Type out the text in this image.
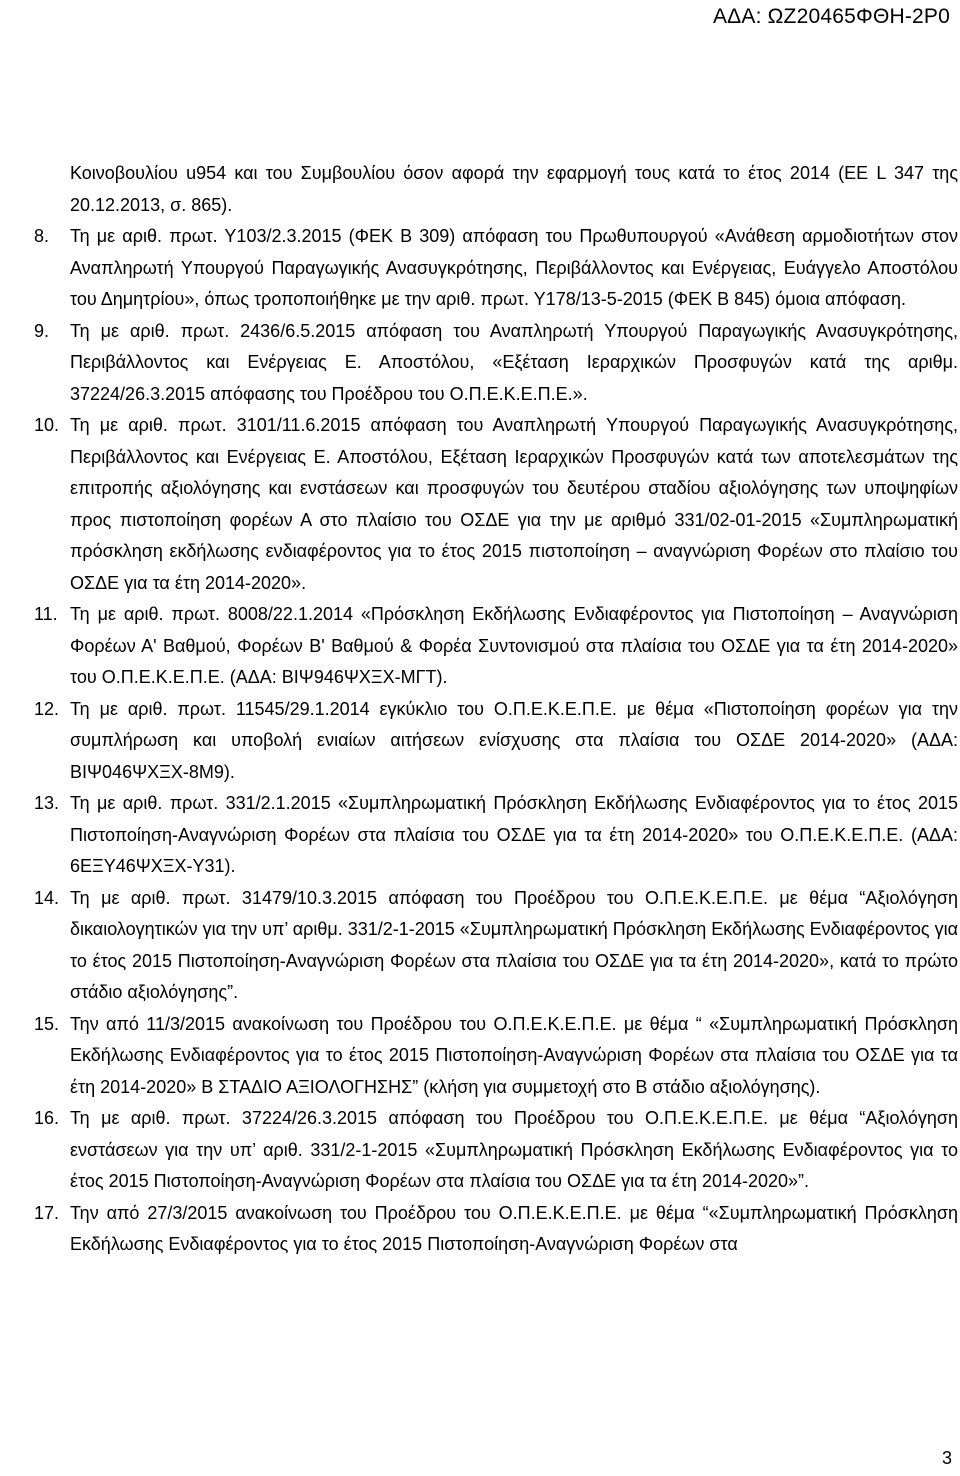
ΑΔΑ: ΩΖ20465ΦΘΗ-2Ρ0
Κοινοβουλίου u954 και του Συμβουλίου όσον αφορά την εφαρμογή τους κατά το έτος 2014 (ΕΕ L 347 της 20.12.2013, σ. 865).
8. Τη με αριθ. πρωτ. Υ103/2.3.2015 (ΦΕΚ Β 309) απόφαση του Πρωθυπουργού «Ανάθεση αρμοδιοτήτων στον Αναπληρωτή Υπουργού Παραγωγικής Ανασυγκρότησης, Περιβάλλοντος και Ενέργειας, Ευάγγελο Αποστόλου του Δημητρίου», όπως τροποποιήθηκε με την αριθ. πρωτ. Υ178/13-5-2015 (ΦΕΚ Β 845) όμοια απόφαση.
9. Τη με αριθ. πρωτ. 2436/6.5.2015 απόφαση του Αναπληρωτή Υπουργού Παραγωγικής Ανασυγκρότησης, Περιβάλλοντος και Ενέργειας Ε. Αποστόλου, «Εξέταση Ιεραρχικών Προσφυγών κατά της αριθμ. 37224/26.3.2015 απόφασης του Προέδρου του Ο.Π.Ε.Κ.Ε.Π.Ε.».
10. Τη με αριθ. πρωτ. 3101/11.6.2015 απόφαση του Αναπληρωτή Υπουργού Παραγωγικής Ανασυγκρότησης, Περιβάλλοντος και Ενέργειας Ε. Αποστόλου, Εξέταση Ιεραρχικών Προσφυγών κατά των αποτελεσμάτων της επιτροπής αξιολόγησης και ενστάσεων και προσφυγών του δευτέρου σταδίου αξιολόγησης των υποψηφίων προς πιστοποίηση φορέων Α στο πλαίσιο του ΟΣΔΕ για την με αριθμό 331/02-01-2015 «Συμπληρωματική πρόσκληση εκδήλωσης ενδιαφέροντος για το έτος 2015 πιστοποίηση – αναγνώριση Φορέων στο πλαίσιο του ΟΣΔΕ για τα έτη 2014-2020».
11. Τη με αριθ. πρωτ. 8008/22.1.2014 «Πρόσκληση Εκδήλωσης Ενδιαφέροντος για Πιστοποίηση – Αναγνώριση Φορέων Α' Βαθμού, Φορέων Β' Βαθμού & Φορέα Συντονισμού στα πλαίσια του ΟΣΔΕ για τα έτη 2014-2020» του Ο.Π.Ε.Κ.Ε.Π.Ε. (ΑΔΑ: ΒΙΨ946ΨΧΞΧ-ΜΓΤ).
12. Τη με αριθ. πρωτ. 11545/29.1.2014 εγκύκλιο του Ο.Π.Ε.Κ.Ε.Π.Ε. με θέμα «Πιστοποίηση φορέων για την συμπλήρωση και υποβολή ενιαίων αιτήσεων ενίσχυσης στα πλαίσια του ΟΣΔΕ 2014-2020» (ΑΔΑ: ΒΙΨ046ΨΧΞΧ-8Μ9).
13. Τη με αριθ. πρωτ. 331/2.1.2015 «Συμπληρωματική Πρόσκληση Εκδήλωσης Ενδιαφέροντος για το έτος 2015 Πιστοποίηση-Αναγνώριση Φορέων στα πλαίσια του ΟΣΔΕ για τα έτη 2014-2020» του Ο.Π.Ε.Κ.Ε.Π.Ε. (ΑΔΑ: 6ΕΞΥ46ΨΧΞΧ-Υ31).
14. Τη με αριθ. πρωτ. 31479/10.3.2015 απόφαση του Προέδρου του Ο.Π.Ε.Κ.Ε.Π.Ε. με θέμα “Αξιολόγηση δικαιολογητικών για την υπ’ αριθμ. 331/2-1-2015 «Συμπληρωματική Πρόσκληση Εκδήλωσης Ενδιαφέροντος για το έτος 2015 Πιστοποίηση-Αναγνώριση Φορέων στα πλαίσια του ΟΣΔΕ για τα έτη 2014-2020», κατά το πρώτο στάδιο αξιολόγησης”.
15. Την από 11/3/2015 ανακοίνωση του Προέδρου του Ο.Π.Ε.Κ.Ε.Π.Ε. με θέμα “ «Συμπληρωματική Πρόσκληση Εκδήλωσης Ενδιαφέροντος για το έτος 2015 Πιστοποίηση-Αναγνώριση Φορέων στα πλαίσια του ΟΣΔΕ για τα έτη 2014-2020» Β ΣΤΑΔΙΟ ΑΞΙΟΛΟΓΗΣΗΣ” (κλήση για συμμετοχή στο Β στάδιο αξιολόγησης).
16. Τη με αριθ. πρωτ. 37224/26.3.2015 απόφαση του Προέδρου του Ο.Π.Ε.Κ.Ε.Π.Ε. με θέμα “Αξιολόγηση ενστάσεων για την υπ’ αριθ. 331/2-1-2015 «Συμπληρωματική Πρόσκληση Εκδήλωσης Ενδιαφέροντος για το έτος 2015 Πιστοποίηση-Αναγνώριση Φορέων στα πλαίσια του ΟΣΔΕ για τα έτη 2014-2020»”.
17. Την από 27/3/2015 ανακοίνωση του Προέδρου του Ο.Π.Ε.Κ.Ε.Π.Ε. με θέμα “«Συμπληρωματική Πρόσκληση Εκδήλωσης Ενδιαφέροντος για το έτος 2015 Πιστοποίηση-Αναγνώριση Φορέων στα
3
